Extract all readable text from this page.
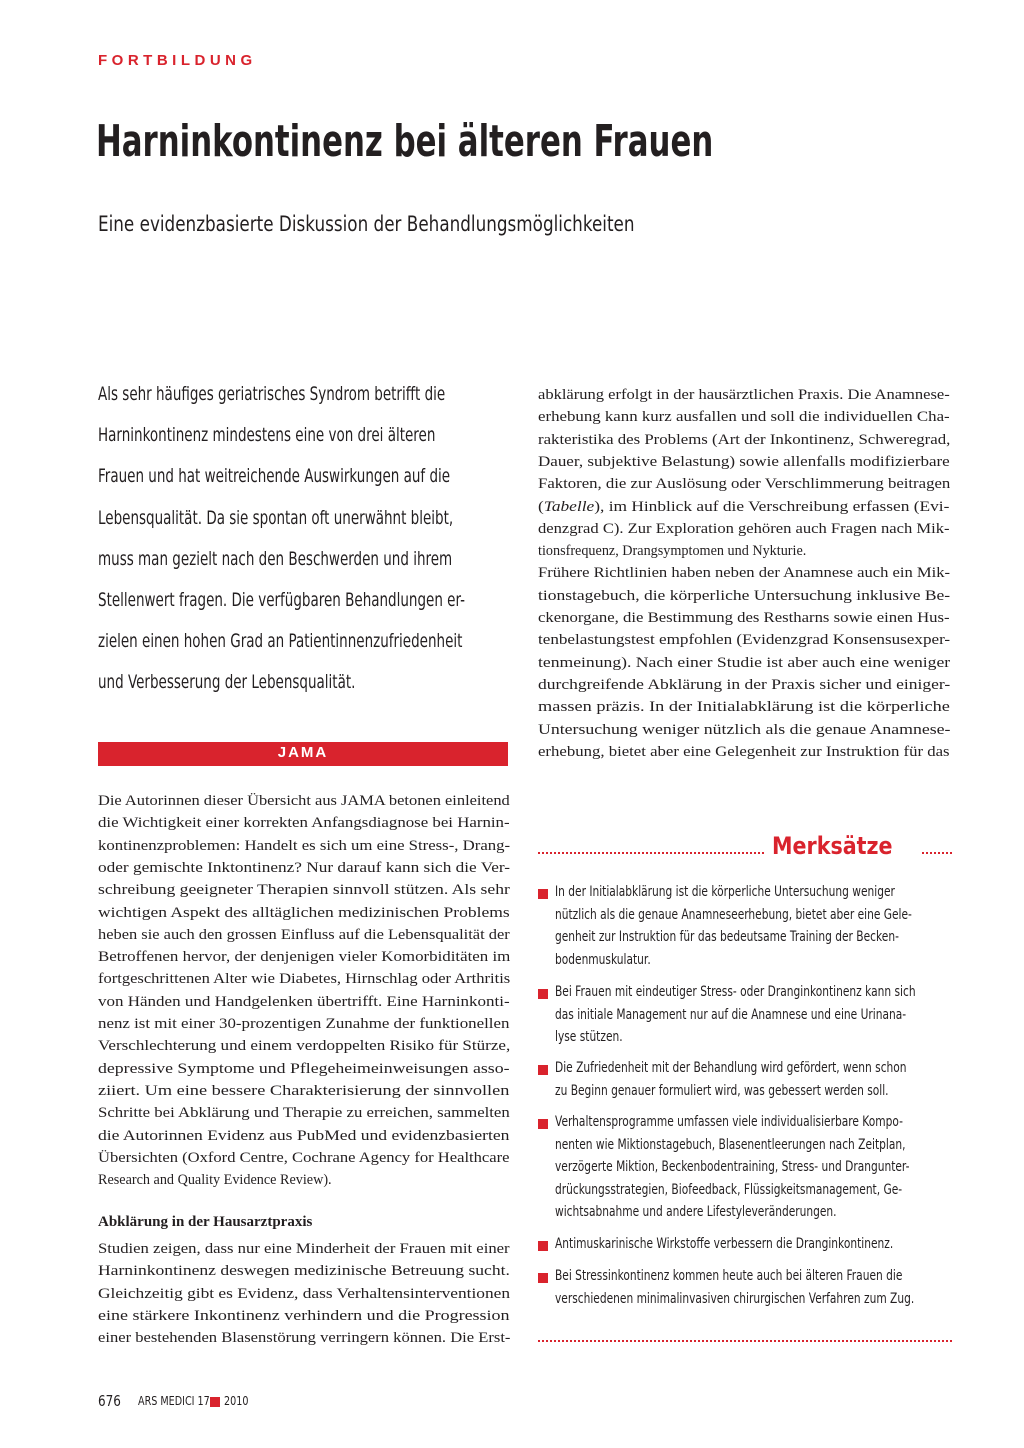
FORTBILDUNG
Harninkontinenz bei älteren Frauen
Eine evidenzbasierte Diskussion der Behandlungsmöglichkeiten
Als sehr häufiges geriatrisches Syndrom betrifft die
Harninkontinenz mindestens eine von drei älteren
Frauen und hat weitreichende Auswirkungen auf die
Lebensqualität. Da sie spontan oft unerwähnt bleibt,
muss man gezielt nach den Beschwerden und ihrem
Stellenwert fragen. Die verfügbaren Behandlungen er-
zielen einen hohen Grad an Patientinnenzufriedenheit
und Verbesserung der Lebensqualität.
JAMA
Die Autorinnen dieser Übersicht aus JAMA betonen einleitend
die Wichtigkeit einer korrekten Anfangsdiagnose bei Harnin-
kontinenzproblemen: Handelt es sich um eine Stress-, Drang-
oder gemischte Inktontinenz? Nur darauf kann sich die Ver-
schreibung geeigneter Therapien sinnvoll stützen. Als sehr
wichtigen Aspekt des alltäglichen medizinischen Problems
heben sie auch den grossen Einfluss auf die Lebensqualität der
Betroffenen hervor, der denjenigen vieler Komorbiditäten im
fortgeschrittenen Alter wie Diabetes, Hirnschlag oder Arthritis
von Händen und Handgelenken übertrifft. Eine Harninkonti-
nenz ist mit einer 30-prozentigen Zunahme der funktionellen
Verschlechterung und einem verdoppelten Risiko für Stürze,
depressive Symptome und Pflegeheimeinweisungen asso-
ziiert. Um eine bessere Charakterisierung der sinnvollen
Schritte bei Abklärung und Therapie zu erreichen, sammelten
die Autorinnen Evidenz aus PubMed und evidenzbasierten
Übersichten (Oxford Centre, Cochrane Agency for Healthcare
Research and Quality Evidence Review).
Abklärung in der Hausarztpraxis
Studien zeigen, dass nur eine Minderheit der Frauen mit einer
Harninkontinenz deswegen medizinische Betreuung sucht.
Gleichzeitig gibt es Evidenz, dass Verhaltensinterventionen
eine stärkere Inkontinenz verhindern und die Progression
einer bestehenden Blasenstörung verringern können. Die Erst-
abklärung erfolgt in der hausärztlichen Praxis. Die Anamnese-
erhebung kann kurz ausfallen und soll die individuellen Cha-
rakteristika des Problems (Art der Inkontinenz, Schweregrad,
Dauer, subjektive Belastung) sowie allenfalls modifizierbare
Faktoren, die zur Auslösung oder Verschlimmerung beitragen
(Tabelle), im Hinblick auf die Verschreibung erfassen (Evi-
denzgrad C). Zur Exploration gehören auch Fragen nach Mik-
tionsfrequenz, Drangsymptomen und Nykturie.
Frühere Richtlinien haben neben der Anamnese auch ein Mik-
tionstagebuch, die körperliche Untersuchung inklusive Be-
ckenorgane, die Bestimmung des Restharns sowie einen Hus-
tenbelastungstest empfohlen (Evidenzgrad Konsensusexper-
tenmeinung). Nach einer Studie ist aber auch eine weniger
durchgreifende Abklärung in der Praxis sicher und einiger-
massen präzis. In der Initialabklärung ist die körperliche
Untersuchung weniger nützlich als die genaue Anamnese-
erhebung, bietet aber eine Gelegenheit zur Instruktion für das
Merksätze
In der Initialabklärung ist die körperliche Untersuchung weniger
nützlich als die genaue Anamneseerhebung, bietet aber eine Gele-
genheit zur Instruktion für das bedeutsame Training der Becken-
bodenmuskulatur.
Bei Frauen mit eindeutiger Stress- oder Dranginkontinenz kann sich
das initiale Management nur auf die Anamnese und eine Urinana-
lyse stützen.
Die Zufriedenheit mit der Behandlung wird gefördert, wenn schon
zu Beginn genauer formuliert wird, was gebessert werden soll.
Verhaltensprogramme umfassen viele individualisierbare Kompo-
nenten wie Miktionstagebuch, Blasenentleerungen nach Zeitplan,
verzögerte Miktion, Beckenbodentraining, Stress- und Drangunter-
drückungsstrategien, Biofeedback, Flüssigkeitsmanagement, Ge-
wichtsabnahme und andere Lifestyleveränderungen.
Antimuskarinische Wirkstoffe verbessern die Dranginkontinenz.
Bei Stressinkontinenz kommen heute auch bei älteren Frauen die
verschiedenen minimalinvasiven chirurgischen Verfahren zum Zug.
676 ARS MEDICI 17 2010
